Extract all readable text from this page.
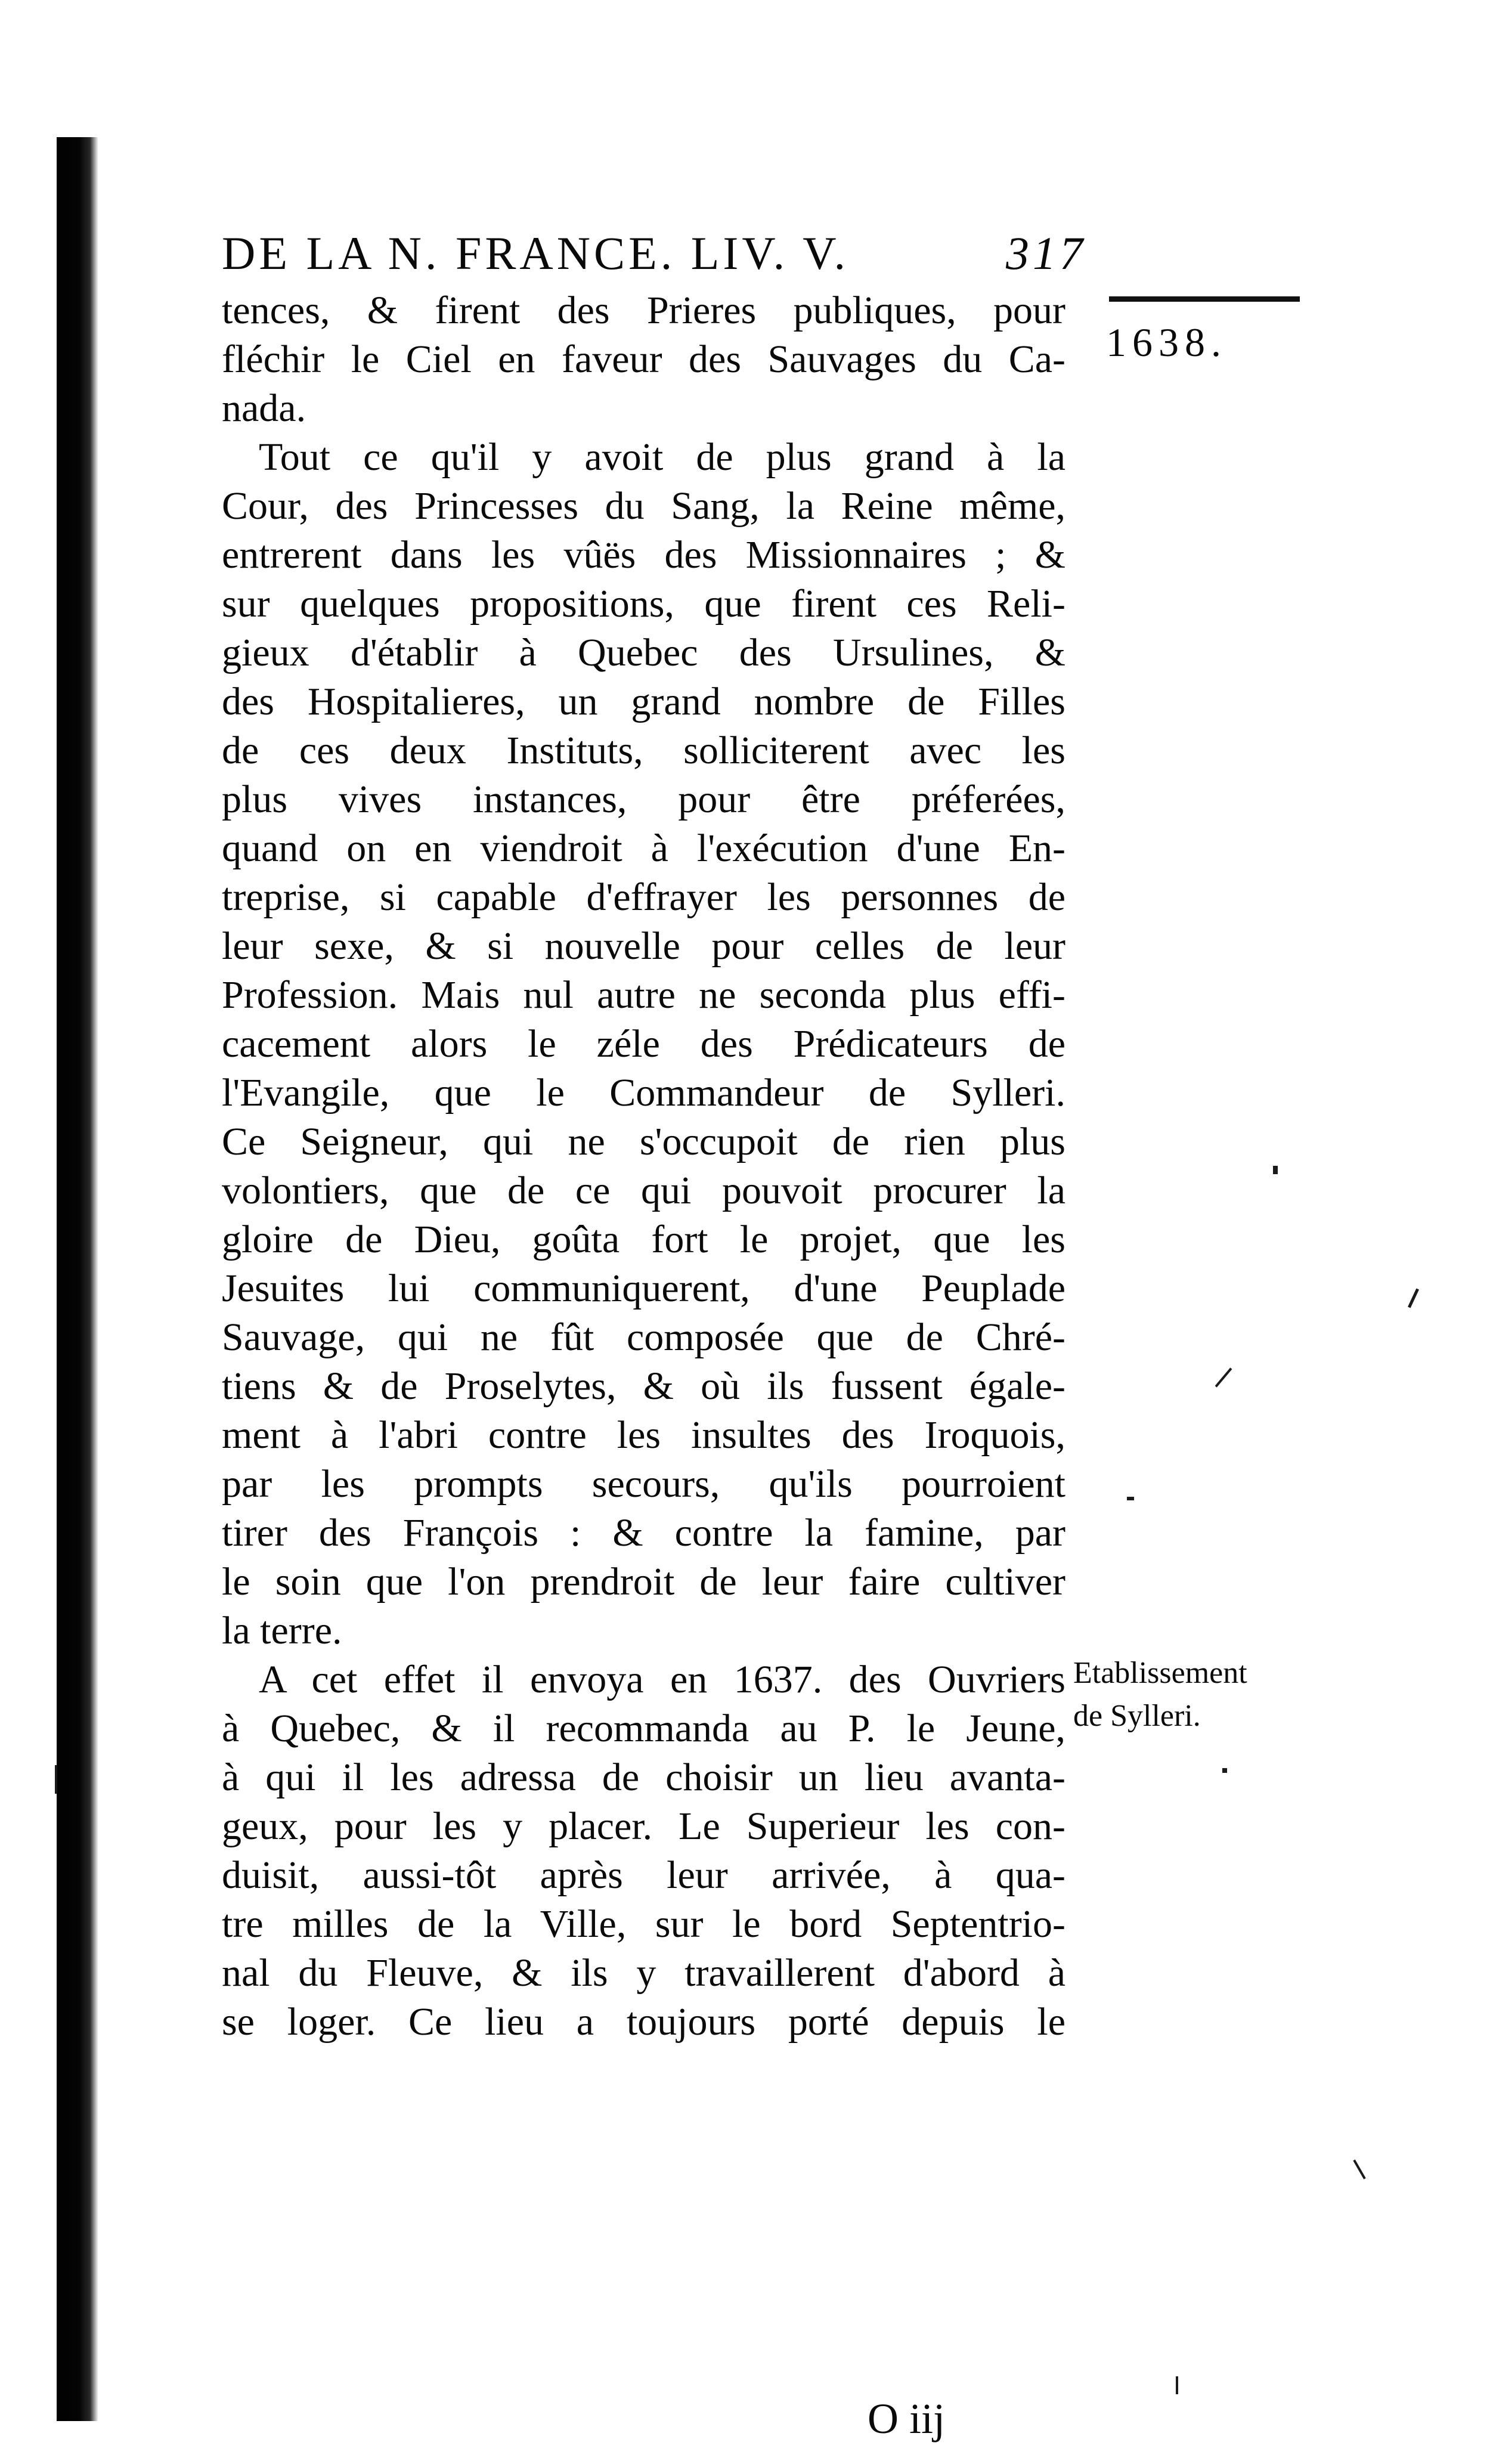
DE LA N. FRANCE. LIV. V.	317
1638.
tences, & firent des Prieres publiques, pour
fléchir le Ciel en faveur des Sauvages du Ca-
nada.
Tout ce qu'il y avoit de plus grand à la
Cour, des Princesses du Sang, la Reine même,
entrerent dans les vûës des Missionnaires ; &
sur quelques propositions, que firent ces Reli-
gieux d'établir à Quebec des Ursulines, &
des Hospitalieres, un grand nombre de Filles
de ces deux Instituts, solliciterent avec les
plus vives instances, pour être préferées,
quand on en viendroit à l'exécution d'une En-
treprise, si capable d'effrayer les personnes de
leur sexe, & si nouvelle pour celles de leur
Profession. Mais nul autre ne seconda plus effi-
cacement alors le zéle des Prédicateurs de
l'Evangile, que le Commandeur de Sylleri.
Ce Seigneur, qui ne s'occupoit de rien plus
volontiers, que de ce qui pouvoit procurer la
gloire de Dieu, goûta fort le projet, que les
Jesuites lui communiquerent, d'une Peuplade
Sauvage, qui ne fût composée que de Chré-
tiens & de Proselytes, & où ils fussent égale-
ment à l'abri contre les insultes des Iroquois,
par les prompts secours, qu'ils pourroient
tirer des François : & contre la famine, par
le soin que l'on prendroit de leur faire cultiver
la terre.
A cet effet il envoya en 1637. des Ouvriers
à Quebec, & il recommanda au P. le Jeune,
à qui il les adressa de choisir un lieu avanta-
geux, pour les y placer. Le Superieur les con-
duisit, aussi-tôt après leur arrivée, à qua-
tre milles de la Ville, sur le bord Septentrio-
nal du Fleuve, & ils y travaillerent d'abord à
se loger. Ce lieu a toujours porté depuis le
Etablissement
de Sylleri.
O iij
